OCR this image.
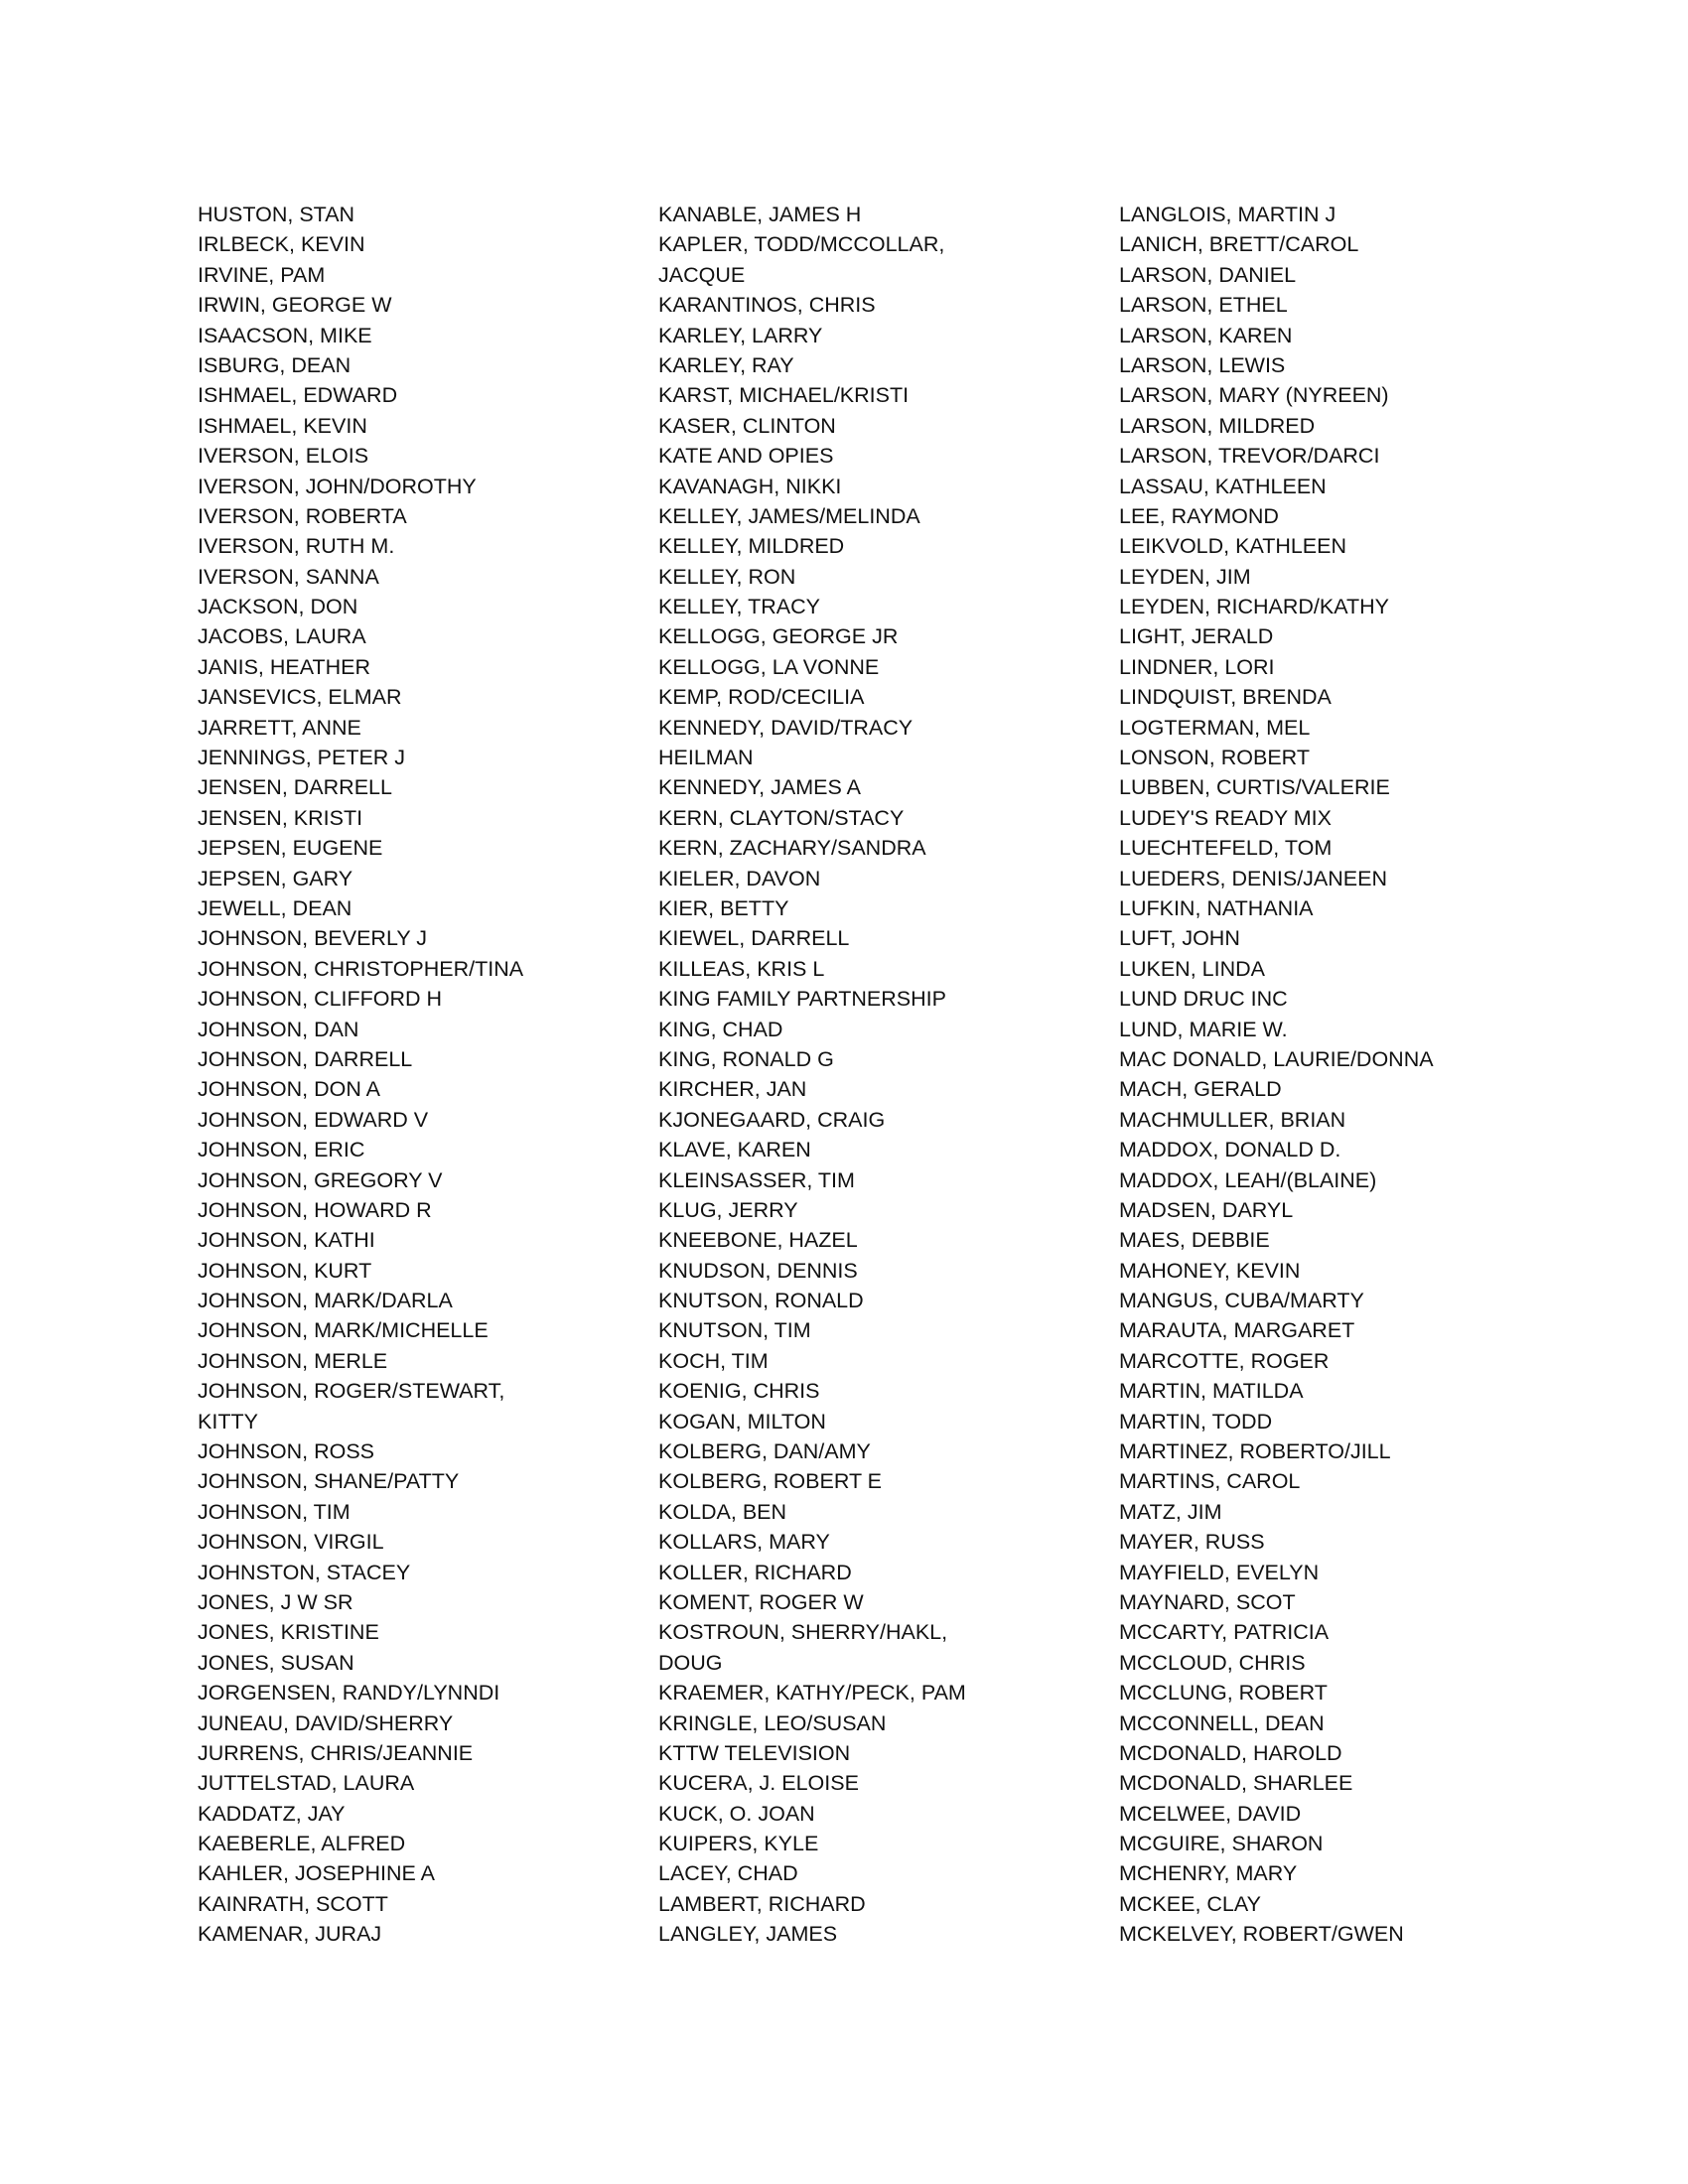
HUSTON, STAN
IRLBECK, KEVIN
IRVINE, PAM
IRWIN, GEORGE W
ISAACSON, MIKE
ISBURG, DEAN
ISHMAEL, EDWARD
ISHMAEL, KEVIN
IVERSON, ELOIS
IVERSON, JOHN/DOROTHY
IVERSON, ROBERTA
IVERSON, RUTH M.
IVERSON, SANNA
JACKSON, DON
JACOBS, LAURA
JANIS, HEATHER
JANSEVICS, ELMAR
JARRETT, ANNE
JENNINGS, PETER J
JENSEN, DARRELL
JENSEN, KRISTI
JEPSEN, EUGENE
JEPSEN, GARY
JEWELL, DEAN
JOHNSON, BEVERLY J
JOHNSON, CHRISTOPHER/TINA
JOHNSON, CLIFFORD H
JOHNSON, DAN
JOHNSON, DARRELL
JOHNSON, DON A
JOHNSON, EDWARD V
JOHNSON, ERIC
JOHNSON, GREGORY V
JOHNSON, HOWARD R
JOHNSON, KATHI
JOHNSON, KURT
JOHNSON, MARK/DARLA
JOHNSON, MARK/MICHELLE
JOHNSON, MERLE
JOHNSON, ROGER/STEWART,
KITTY
JOHNSON, ROSS
JOHNSON, SHANE/PATTY
JOHNSON, TIM
JOHNSON, VIRGIL
JOHNSTON, STACEY
JONES, J W SR
JONES, KRISTINE
JONES, SUSAN
JORGENSEN, RANDY/LYNNDI
JUNEAU, DAVID/SHERRY
JURRENS, CHRIS/JEANNIE
JUTTELSTAD, LAURA
KADDATZ, JAY
KAEBERLE, ALFRED
KAHLER, JOSEPHINE A
KAINRATH, SCOTT
KAMENAR, JURAJ
KANABLE, JAMES H
KAPLER, TODD/MCCOLLAR,
JACQUE
KARANTINOS, CHRIS
KARLEY, LARRY
KARLEY, RAY
KARST, MICHAEL/KRISTI
KASER, CLINTON
KATE AND OPIES
KAVANAGH, NIKKI
KELLEY, JAMES/MELINDA
KELLEY, MILDRED
KELLEY, RON
KELLEY, TRACY
KELLOGG, GEORGE JR
KELLOGG, LA VONNE
KEMP, ROD/CECILIA
KENNEDY, DAVID/TRACY
HEILMAN
KENNEDY, JAMES A
KERN, CLAYTON/STACY
KERN, ZACHARY/SANDRA
KIELER, DAVON
KIER, BETTY
KIEWEL, DARRELL
KILLEAS, KRIS L
KING FAMILY PARTNERSHIP
KING, CHAD
KING, RONALD G
KIRCHER, JAN
KJONEGAARD, CRAIG
KLAVE, KAREN
KLEINSASSER, TIM
KLUG, JERRY
KNEEBONE, HAZEL
KNUDSON, DENNIS
KNUTSON, RONALD
KNUTSON, TIM
KOCH, TIM
KOENIG, CHRIS
KOGAN, MILTON
KOLBERG, DAN/AMY
KOLBERG, ROBERT E
KOLDA, BEN
KOLLARS, MARY
KOLLER, RICHARD
KOMENT, ROGER W
KOSTROUN, SHERRY/HAKL,
DOUG
KRAEMER, KATHY/PECK, PAM
KRINGLE, LEO/SUSAN
KTTW TELEVISION
KUCERA, J. ELOISE
KUCK, O. JOAN
KUIPERS, KYLE
LACEY, CHAD
LAMBERT, RICHARD
LANGLEY, JAMES
LANGLOIS, MARTIN J
LANICH, BRETT/CAROL
LARSON, DANIEL
LARSON, ETHEL
LARSON, KAREN
LARSON, LEWIS
LARSON, MARY (NYREEN)
LARSON, MILDRED
LARSON, TREVOR/DARCI
LASSAU, KATHLEEN
LEE, RAYMOND
LEIKVOLD, KATHLEEN
LEYDEN, JIM
LEYDEN, RICHARD/KATHY
LIGHT, JERALD
LINDNER, LORI
LINDQUIST, BRENDA
LOGTERMAN, MEL
LONSON, ROBERT
LUBBEN, CURTIS/VALERIE
LUDEY'S READY MIX
LUECHTEFELD, TOM
LUEDERS, DENIS/JANEEN
LUFKIN, NATHANIA
LUFT, JOHN
LUKEN, LINDA
LUND DRUC INC
LUND, MARIE W.
MAC DONALD, LAURIE/DONNA
MACH, GERALD
MACHMULLER, BRIAN
MADDOX, DONALD D.
MADDOX, LEAH/(BLAINE)
MADSEN, DARYL
MAES, DEBBIE
MAHONEY, KEVIN
MANGUS, CUBA/MARTY
MARAUTA, MARGARET
MARCOTTE, ROGER
MARTIN, MATILDA
MARTIN, TODD
MARTINEZ, ROBERTO/JILL
MARTINS, CAROL
MATZ, JIM
MAYER, RUSS
MAYFIELD, EVELYN
MAYNARD, SCOT
MCCARTY, PATRICIA
MCCLOUD, CHRIS
MCCLUNG, ROBERT
MCCONNELL, DEAN
MCDONALD, HAROLD
MCDONALD, SHARLEE
MCELWEE, DAVID
MCGUIRE, SHARON
MCHENRY, MARY
MCKEE, CLAY
MCKELVEY, ROBERT/GWEN
